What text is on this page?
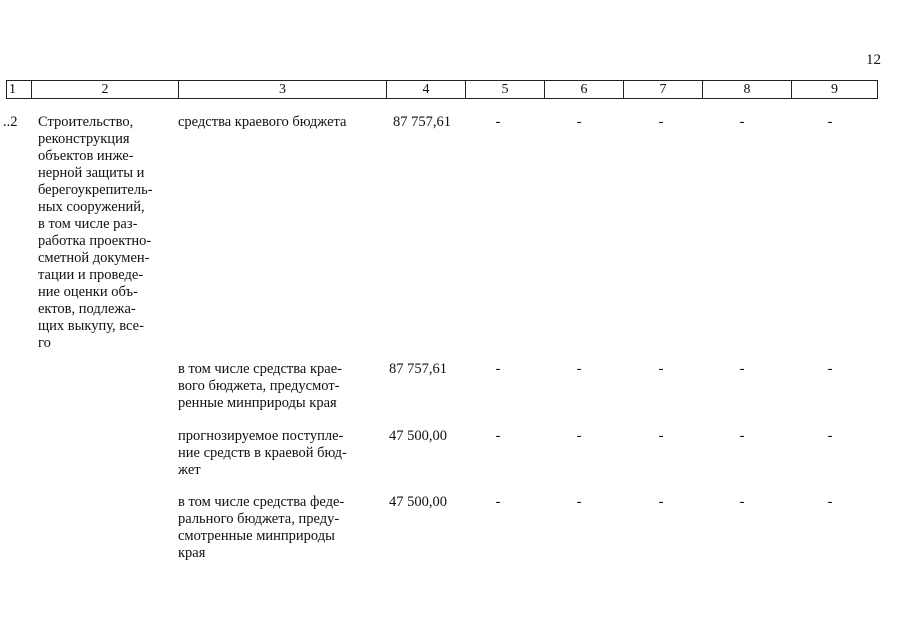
12
1	2	3	4	5	6	7	8	9
..2 Строительство,
реконструкция
объектов инже-
нерной защиты и
берегоукрепитель-
ных сооружений,
в том числе раз-
работка проектно-
сметной докумен-
тации и проведе-
ние оценки объ-
ектов, подлежа-
щих выкупу, все-
го
средства краевого бюджета	87 757,61	-	-	-	-	-
в том числе средства крае-
вого бюджета, предусмот-
ренные минприроды края
87 757,61	-	-	-	-	-
прогнозируемое поступле-
ние средств в краевой бюд-
жет
47 500,00	-	-	-	-	-
в том числе средства феде-
рального бюджета, преду-
смотренные минприроды
края
47 500,00	-	-	-	-	-
